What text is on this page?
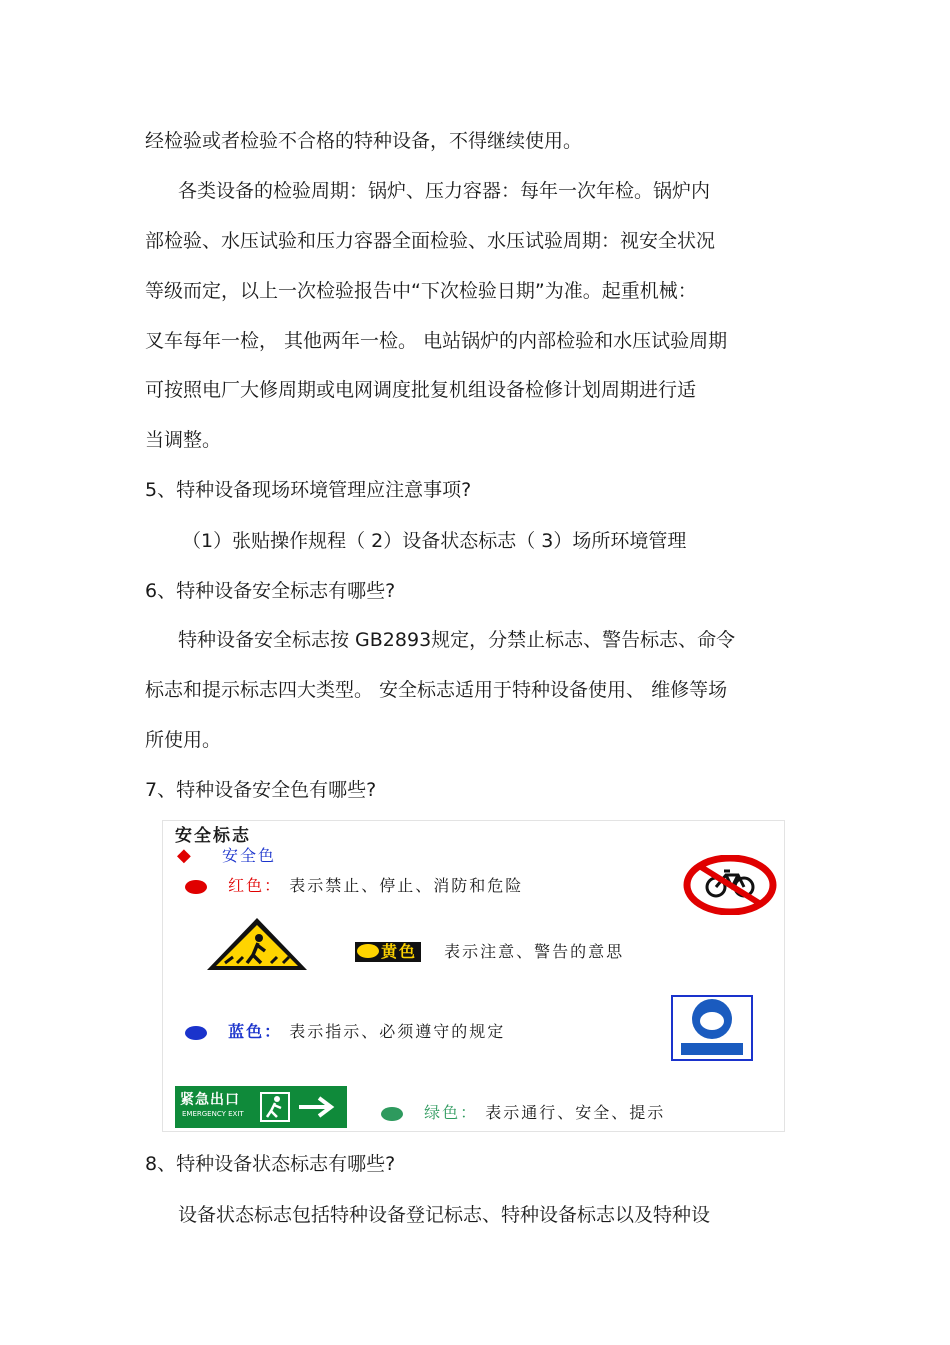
经检验或者检验不合格的特种设备，不得继续使用。
各类设备的检验周期：锅炉、压力容器：每年一次年检。锅炉内
部检验、水压试验和压力容器全面检验、水压试验周期：视安全状况
等级而定，以上一次检验报告中“下次检验日期”为准。起重机械：
叉车每年一检， 其他两年一检。 电站锅炉的内部检验和水压试验周期
可按照电厂大修周期或电网调度批复机组设备检修计划周期进行适
当调整。
5、特种设备现场环境管理应注意事项?
（1）张贴操作规程（ 2）设备状态标志（ 3）场所环境管理
6、特种设备安全标志有哪些?
特种设备安全标志按 GB2893规定，分禁止标志、警告标志、命令
标志和提示标志四大类型。 安全标志适用于特种设备使用、 维修等场
所使用。
7、特种设备安全色有哪些?
安全标志
◆ 安全色
红色： 表示禁止、停止、消防和危险
黄色 表示注意、警告的意思
蓝色： 表示指示、必须遵守的规定
紧急出口
EMERGENCY EXIT	绿色： 表示通行、安全、提示
8、特种设备状态标志有哪些?
设备状态标志包括特种设备登记标志、特种设备标志以及特种设
